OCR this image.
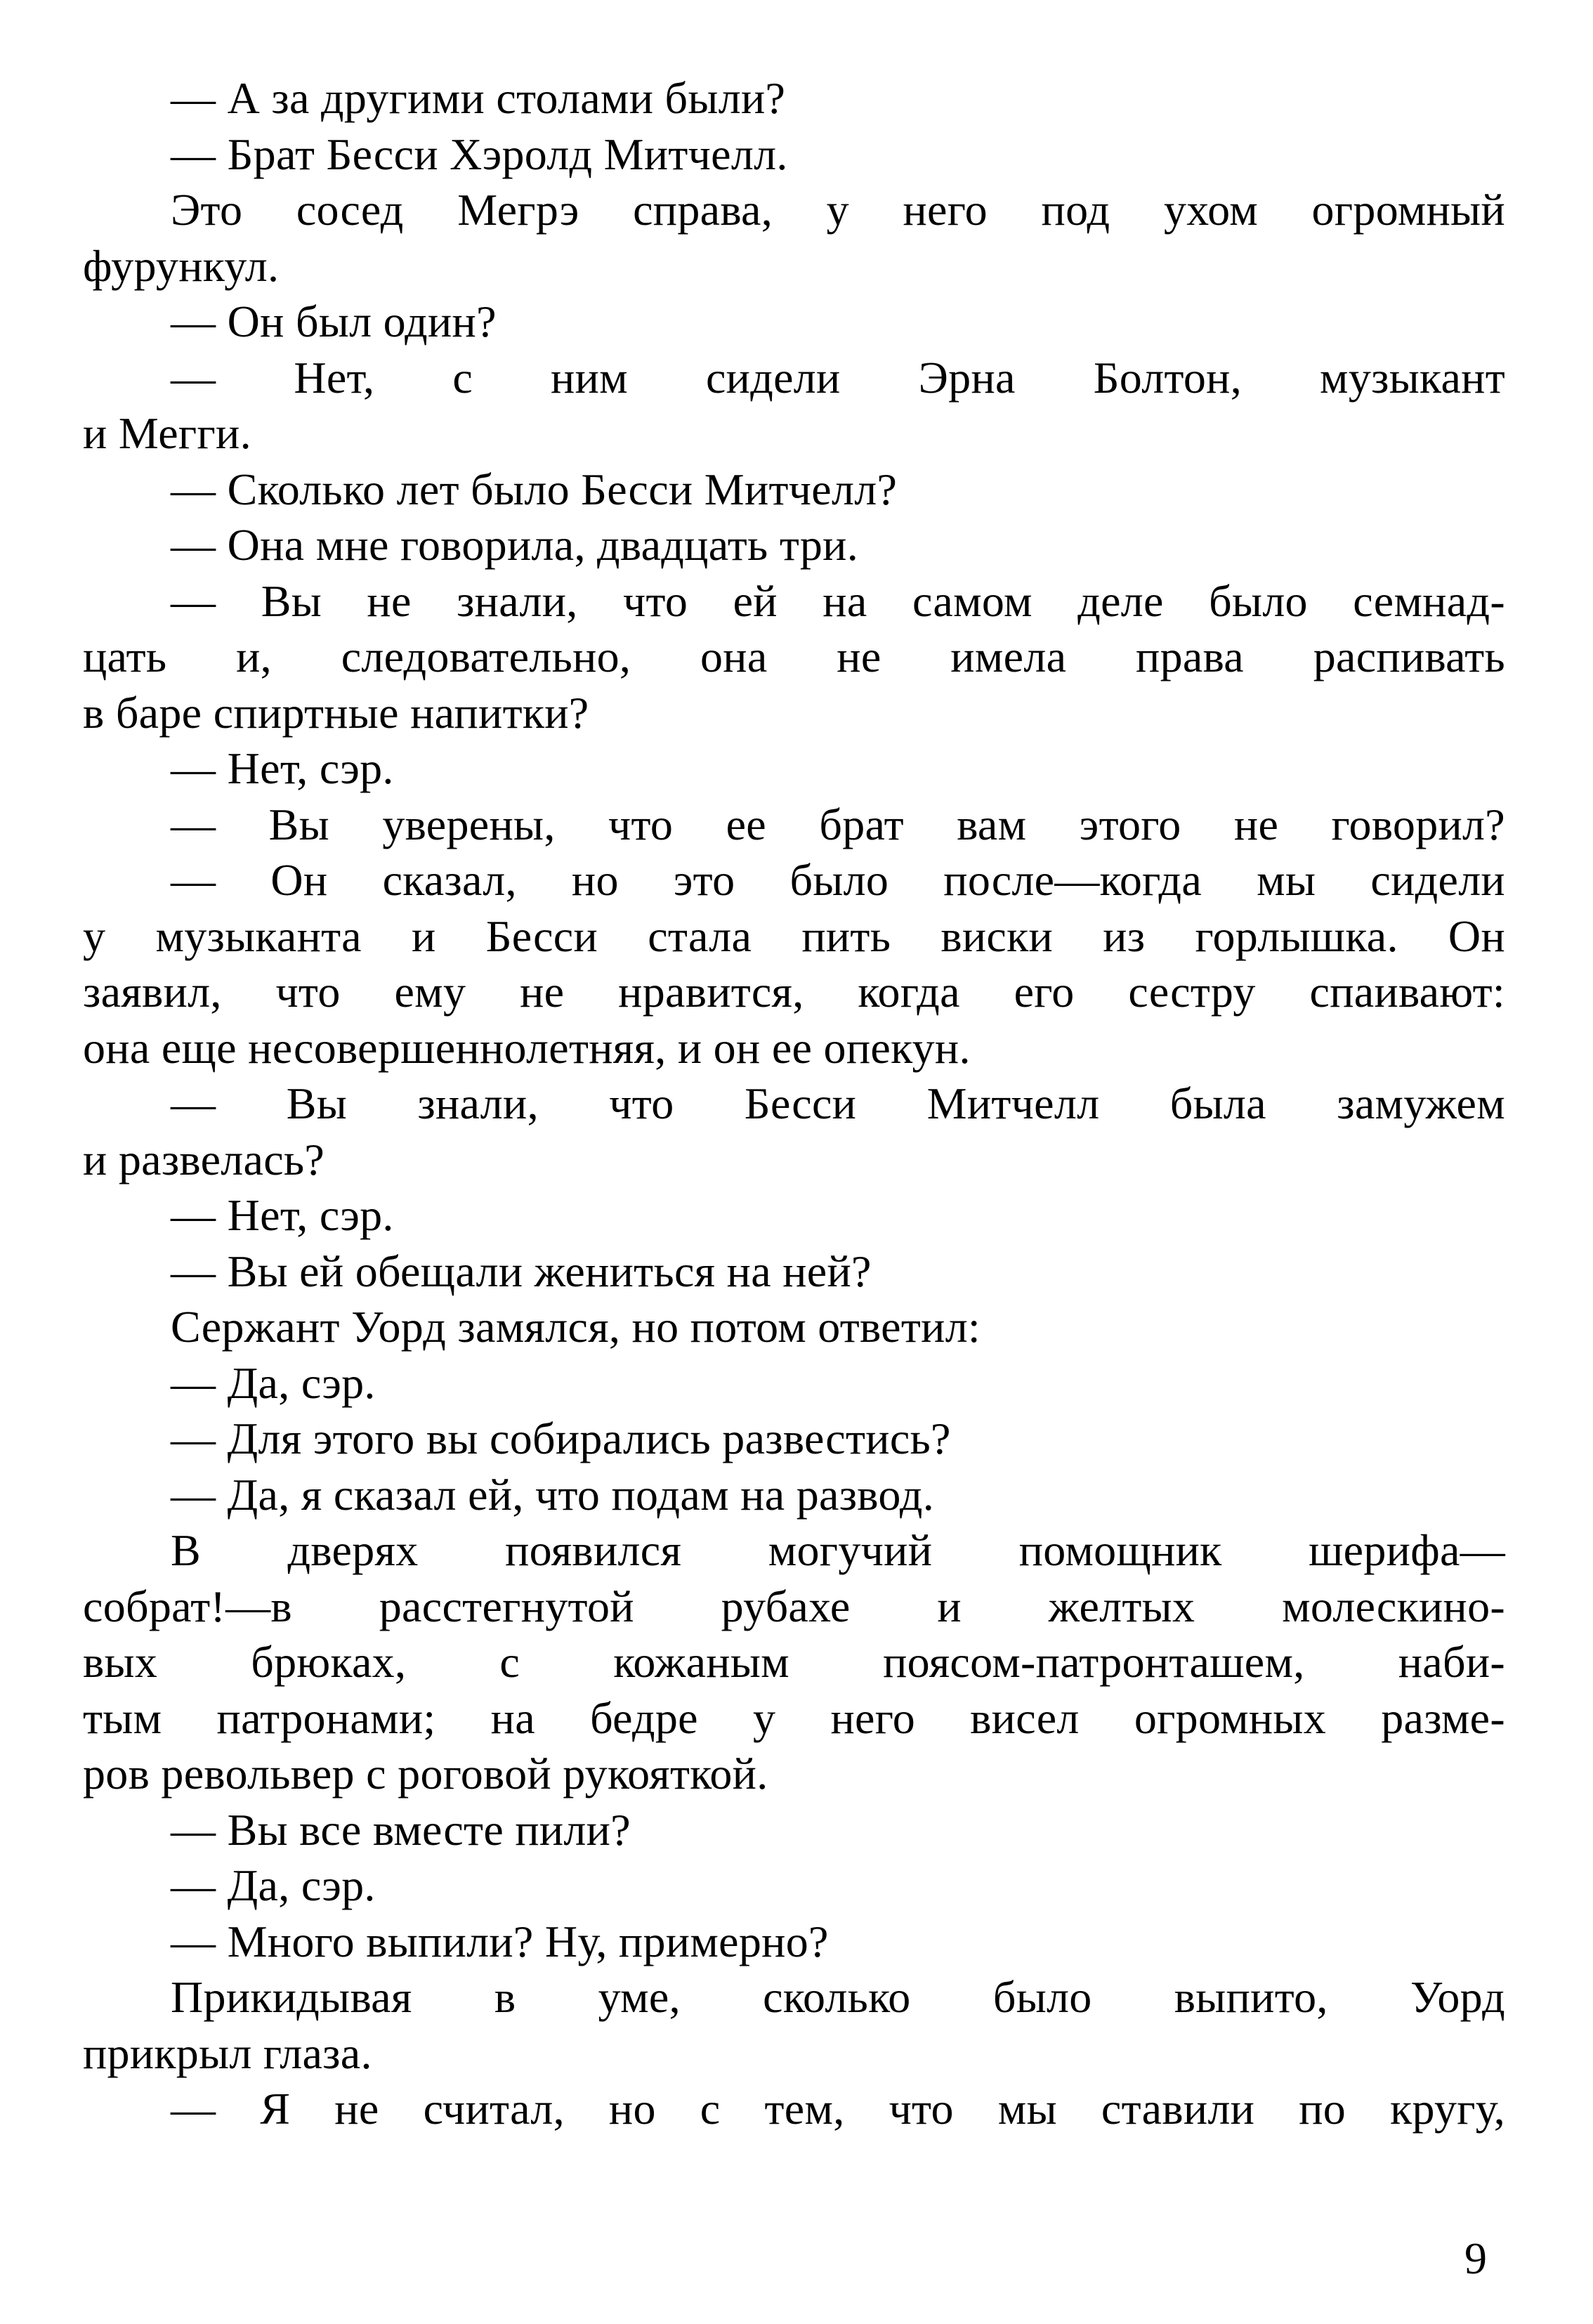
— А за другими столами были?
— Брат Бесси Хэролд Митчелл.
Это сосед Мегрэ справа, у него под ухом огромный
фурункул.
— Он был один?
— Нет, с ним сидели Эрна Болтон, музыкант
и Мегги.
— Сколько лет было Бесси Митчелл?
— Она мне говорила, двадцать три.
— Вы не знали, что ей на самом деле было семнад-
цать и, следовательно, она не имела права распивать
в баре спиртные напитки?
— Нет, сэр.
— Вы уверены, что ее брат вам этого не говорил?
— Он сказал, но это было после—когда мы сидели
у музыканта и Бесси стала пить виски из горлышка. Он
заявил, что ему не нравится, когда его сестру спаивают:
она еще несовершеннолетняя, и он ее опекун.
— Вы знали, что Бесси Митчелл была замужем
и развелась?
— Нет, сэр.
— Вы ей обещали жениться на ней?
Сержант Уорд замялся, но потом ответил:
— Да, сэр.
— Для этого вы собирались развестись?
— Да, я сказал ей, что подам на развод.
В дверях появился могучий помощник шерифа—
собрат!—в расстегнутой рубахе и желтых молескино-
вых брюках, с кожаным поясом-патронташем, наби-
тым патронами; на бедре у него висел огромных разме-
ров револьвер с роговой рукояткой.
— Вы все вместе пили?
— Да, сэр.
— Много выпили? Ну, примерно?
Прикидывая в уме, сколько было выпито, Уорд
прикрыл глаза.
— Я не считал, но с тем, что мы ставили по кругу,
9
